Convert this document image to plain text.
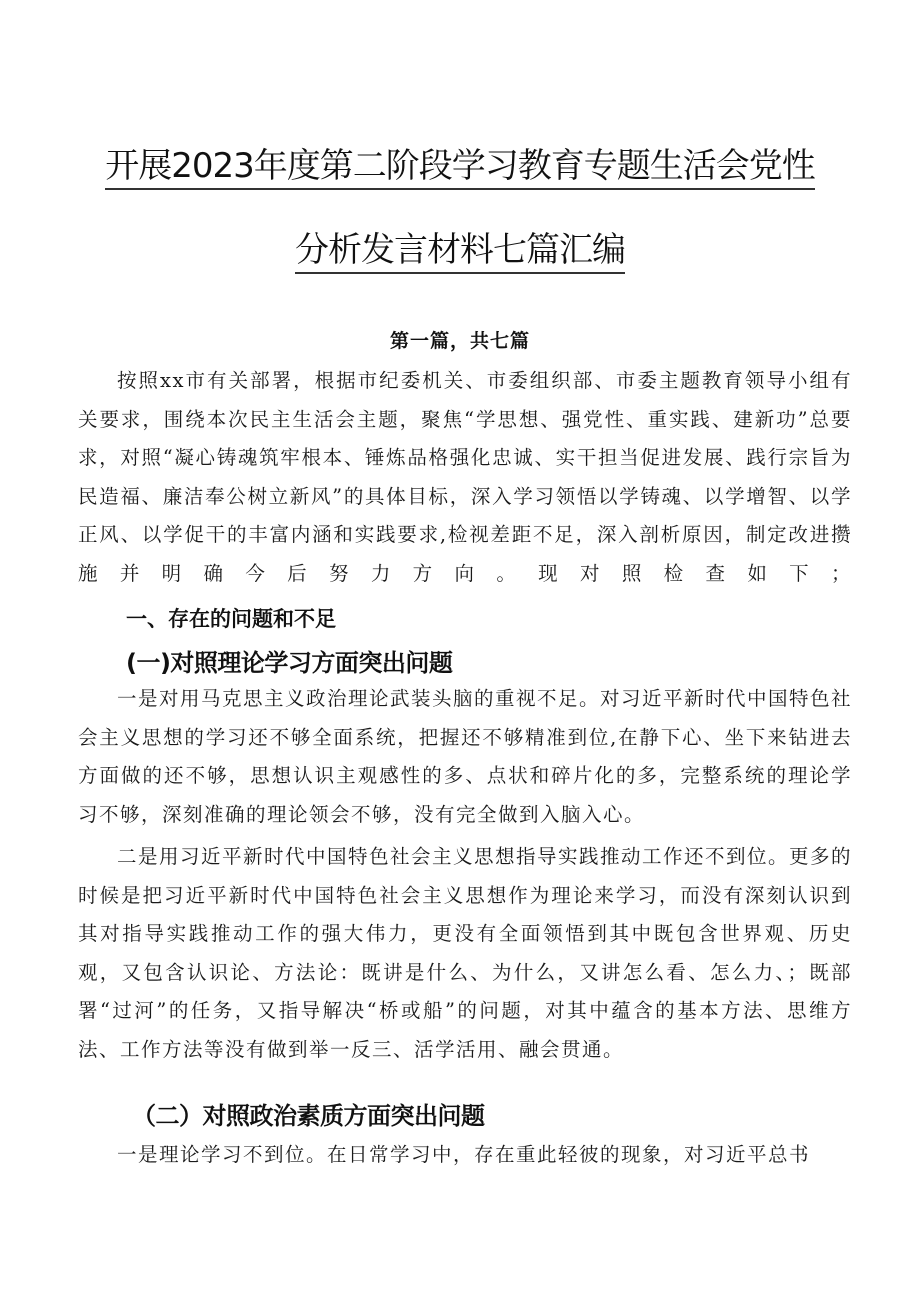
开展2023年度第二阶段学习教育专题生活会党性
分析发言材料七篇汇编
第一篇，共七篇

按照xx市有关部署，根据市纪委机关、市委组织部、市委主题教育领导小组有关要求，围绕本次民主生活会主题，聚焦“学思想、强党性、重实践、建新功”总要求，对照“凝心铸魂筑牢根本、锤炼品格强化忠诚、实干担当促进发展、践行宗旨为民造福、廉洁奉公树立新风”的具体目标，深入学习领悟以学铸魂、以学增智、以学正风、以学促干的丰富内涵和实践要求,检视差距不足，深入剖析原因，制定改进攒施并明确今后努力方向。现对照检查如下；

一、存在的问题和不足
(一)对照理论学习方面突出问题

一是对用马克思主义政治理论武装头脑的重视不足。对习近平新时代中国特色社会主义思想的学习还不够全面系统，把握还不够精准到位,在静下心、坐下来钻进去方面做的还不够，思想认识主观感性的多、点状和碎片化的多，完整系统的理论学习不够，深刻准确的理论领会不够，没有完全做到入脑入心。

二是用习近平新时代中国特色社会主义思想指导实践推动工作还不到位。更多的时候是把习近平新时代中国特色社会主义思想作为理论来学习，而没有深刻认识到其对指导实践推动工作的强大伟力，更没有全面领悟到其中既包含世界观、历史观，又包含认识论、方法论：既讲是什么、为什么，又讲怎么看、怎么力、；既部署“过河”的任务，又指导解决“桥或船”的问题，对其中蕴含的基本方法、思维方法、工作方法等没有做到举一反三、活学活用、融会贯通。

（二）对照政治素质方面突出问题

一是理论学习不到位。在日常学习中，存在重此轻彼的现象，对习近平总书
